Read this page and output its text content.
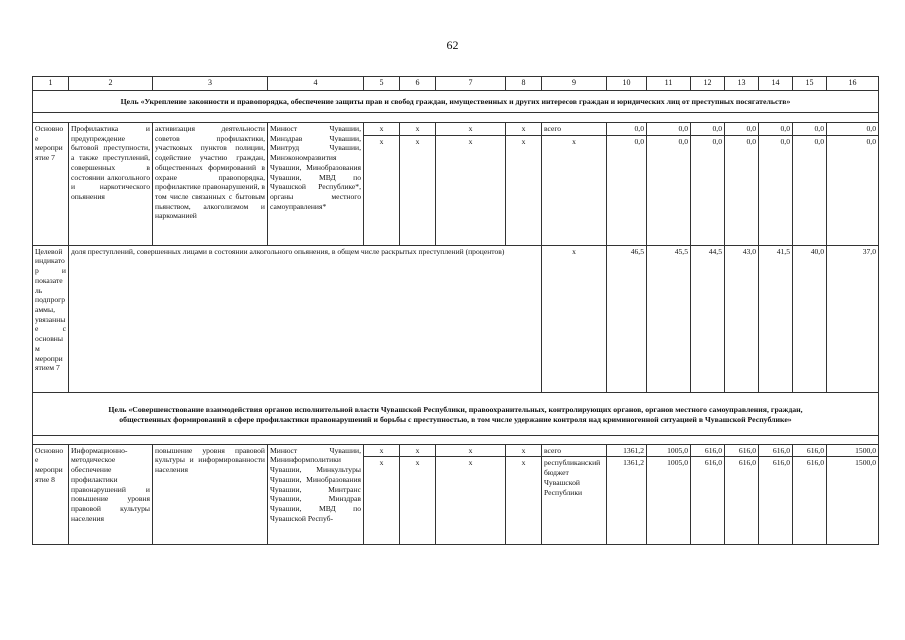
62
1	2	3	4	5	6	7	8	9	10	11	12	13	14	15	16
Цель «Укрепление законности и правопорядка, обеспечение защиты прав и свобод граждан, имущественных и других интересов граждан и юридических лиц от преступных посягательств»															

Основное мероприятие 7	Профилактика и предупреждение бытовой преступности, а также преступлений, совершенных в состоянии алкогольного и наркотического опьянения	активизация деятельности советов профилактики, участковых пунктов полиции, содействие участию граждан, общественных формирований в охране правопорядка, профилактике правонарушений, в том числе связанных с бытовым пьянством, алкоголизмом и наркоманией	Минюст Чувашии, Минздрав Чувашии, Минтруд Чувашии, Минэкономразвития Чувашии, Минобразования Чувашии, МВД по Чувашской Республике*, органы местного самоуправления*	x	x	x	x	всего	0,0	0,0	0,0	0,0	0,0	0,0	0,0
				x	x	x	x	x	0,0	0,0	0,0	0,0	0,0	0,0	0,0
Целевой индикатор и показатель подпрограммы, увязанные с основным мероприятием 7	доля преступлений, совершенных лицами в состоянии алкогольного опьянения, в общем числе раскрытых преступлений (процентов)							x	46,5	45,5	44,5	43,0	41,5	40,0	37,0
Цель «Совершенствование взаимодействия органов исполнительной власти Чувашской Республики, правоохранительных, контролирующих органов, органов местного самоуправления, граждан, общественных формирований в сфере профилактики правонарушений и борьбы с преступностью, в том числе удержание контроля над криминогенной ситуацией в Чувашской Республике»															

Основное мероприятие 8	Информационно-методическое обеспечение профилактики правонарушений и повышение уровня правовой культуры населения	повышение уровня правовой культуры и информированности населения	Минюст Чувашии, Мининформполитики Чувашии, Минкультуры Чувашии, Минобразования Чувашии, Минтранс Чувашии, Минздрав Чувашии, МВД по Чувашской Респуб-	x	x	x	x	всего	1361,2	1005,0	616,0	616,0	616,0	616,0	1500,0
				x	x	x	x	республиканский бюджет Чувашской Республики	1361,2	1005,0	616,0	616,0	616,0	616,0	1500,0
